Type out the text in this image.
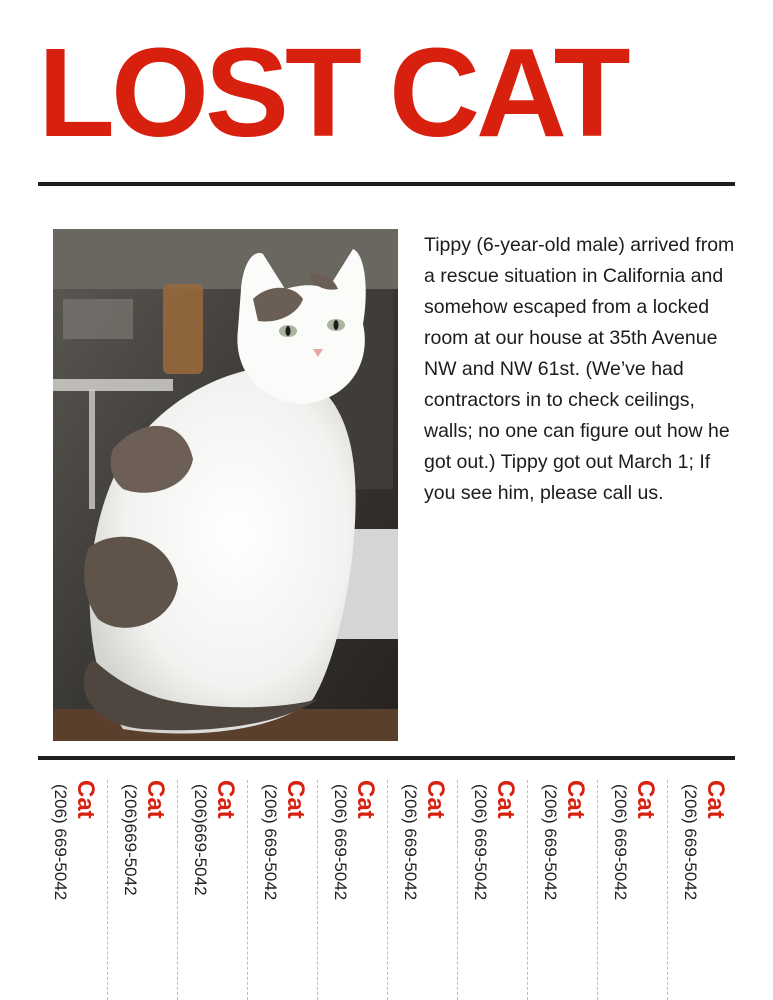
LOST CAT

Tippy (6-year-old male) arrived from a rescue situation in California and somehow escaped from a locked room at our house at 35th Avenue NW and NW 61st. (We’ve had contractors in to check ceilings, walls; no one can figure out how he got out.) Tippy got out March 1; If you see him, please call us.

Cat
(206) 669-5042	Cat
(206)669-5042	Cat
(206)669-5042	Cat
(206) 669-5042	Cat
(206) 669-5042	Cat
(206) 669-5042	Cat
(206) 669-5042	Cat
(206) 669-5042	Cat
(206) 669-5042	Cat
(206) 669-5042
